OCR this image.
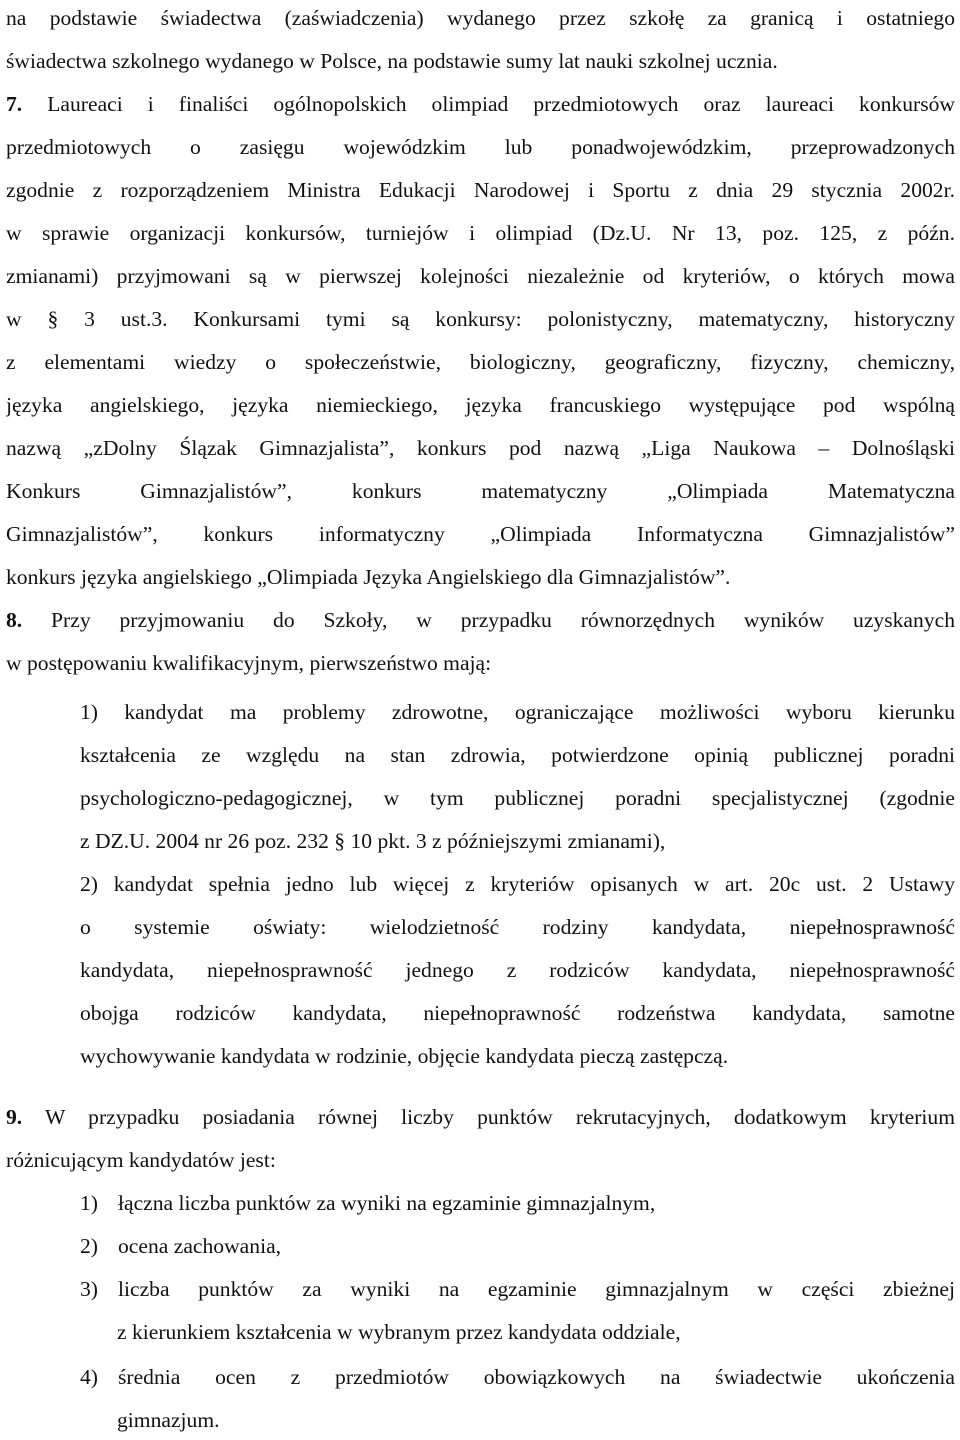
na podstawie świadectwa (zaświadczenia) wydanego przez szkołę za granicą i ostatniego
świadectwa szkolnego wydanego w Polsce, na podstawie sumy lat nauki szkolnej ucznia.
7. Laureaci i finaliści ogólnopolskich olimpiad przedmiotowych oraz laureaci konkursów
przedmiotowych o zasięgu wojewódzkim lub ponadwojewódzkim, przeprowadzonych
zgodnie z rozporządzeniem Ministra Edukacji Narodowej i Sportu z dnia 29 stycznia 2002r.
w sprawie organizacji konkursów, turniejów i olimpiad (Dz.U. Nr 13, poz. 125, z późn.
zmianami) przyjmowani są w pierwszej kolejności niezależnie od kryteriów, o których mowa
w § 3 ust.3. Konkursami tymi są konkursy: polonistyczny, matematyczny, historyczny
z elementami wiedzy o społeczeństwie, biologiczny, geograficzny, fizyczny, chemiczny,
języka angielskiego, języka niemieckiego, języka francuskiego występujące pod wspólną
nazwą „zDolny Ślązak Gimnazjalista”, konkurs pod nazwą „Liga Naukowa – Dolnośląski
Konkurs Gimnazjalistów”, konkurs matematyczny „Olimpiada Matematyczna
Gimnazjalistów”, konkurs informatyczny „Olimpiada Informatyczna Gimnazjalistów”
konkurs języka angielskiego „Olimpiada Języka Angielskiego dla Gimnazjalistów”.
8. Przy przyjmowaniu do Szkoły, w przypadku równorzędnych wyników uzyskanych
w postępowaniu kwalifikacyjnym, pierwszeństwo mają:
1) kandydat ma problemy zdrowotne, ograniczające możliwości wyboru kierunku
kształcenia ze względu na stan zdrowia, potwierdzone opinią publicznej poradni
psychologiczno-pedagogicznej, w tym publicznej poradni specjalistycznej (zgodnie
z DZ.U. 2004 nr 26 poz. 232 § 10 pkt. 3 z późniejszymi zmianami),
2) kandydat spełnia jedno lub więcej z kryteriów opisanych w art. 20c ust. 2 Ustawy
o systemie oświaty: wielodzietność rodziny kandydata, niepełnosprawność
kandydata, niepełnosprawność jednego z rodziców kandydata, niepełnosprawność
obojga rodziców kandydata, niepełnoprawność rodzeństwa kandydata, samotne
wychowywanie kandydata w rodzinie, objęcie kandydata pieczą zastępczą.
9. W przypadku posiadania równej liczby punktów rekrutacyjnych, dodatkowym kryterium
różnicującym kandydatów jest:
1) łączna liczba punktów za wyniki na egzaminie gimnazjalnym,
2) ocena zachowania,
3) liczba punktów za wyniki na egzaminie gimnazjalnym w części zbieżnej
z kierunkiem kształcenia w wybranym przez kandydata oddziale,
4) średnia ocen z przedmiotów obowiązkowych na świadectwie ukończenia
gimnazjum.
